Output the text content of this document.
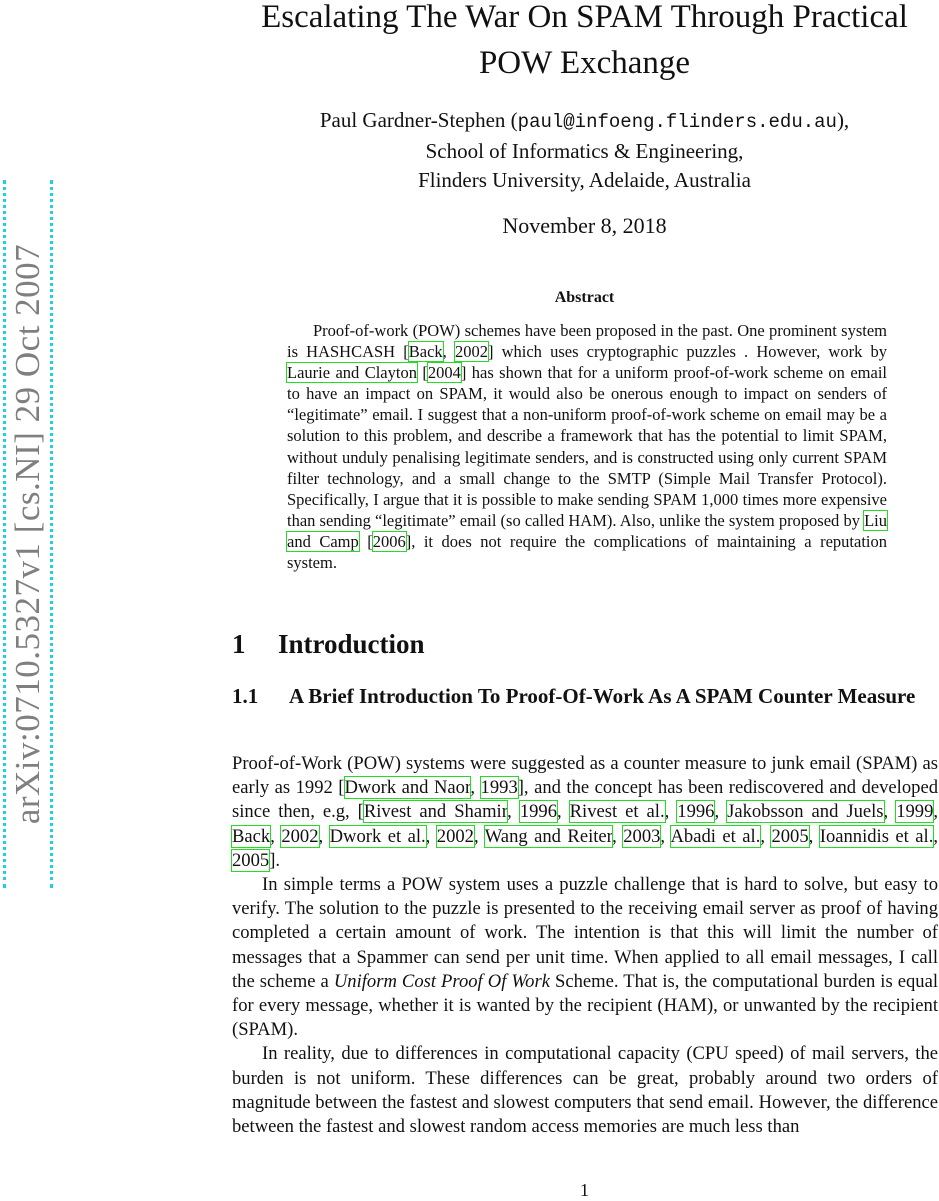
arXiv:0710.5327v1 [cs.NI] 29 Oct 2007
Escalating The War On SPAM Through Practical
POW Exchange
Paul Gardner-Stephen (paul@infoeng.flinders.edu.au),
School of Informatics & Engineering,
Flinders University, Adelaide, Australia
November 8, 2018
Abstract

Proof-of-work (POW) schemes have been proposed in the past. One prominent system is HASHCASH [Back, 2002] which uses cryptographic puzzles . However, work by Laurie and Clayton [2004] has shown that for a uniform proof-of-work scheme on email to have an impact on SPAM, it would also be onerous enough to impact on senders of “legitimate” email. I suggest that a non-uniform proof-of-work scheme on email may be a solution to this problem, and describe a framework that has the potential to limit SPAM, without unduly penalising legitimate senders, and is constructed using only current SPAM filter technology, and a small change to the SMTP (Simple Mail Transfer Protocol). Specifically, I argue that it is possible to make sending SPAM 1,000 times more expensive than sending “legitimate” email (so called HAM). Also, unlike the system proposed by Liu and Camp [2006], it does not require the complications of maintaining a reputation system.

1 Introduction
1.1	A Brief Introduction To Proof-Of-Work As A SPAM Counter Measure

Proof-of-Work (POW) systems were suggested as a counter measure to junk email (SPAM) as early as 1992 [Dwork and Naor, 1993], and the concept has been rediscovered and developed since then, e.g, [Rivest and Shamir, 1996, Rivest et al., 1996, Jakobsson and Juels, 1999, Back, 2002, Dwork et al., 2002, Wang and Reiter, 2003, Abadi et al., 2005, Ioannidis et al., 2005].

In simple terms a POW system uses a puzzle challenge that is hard to solve, but easy to verify. The solution to the puzzle is presented to the receiving email server as proof of having completed a certain amount of work. The intention is that this will limit the number of messages that a Spammer can send per unit time. When applied to all email messages, I call the scheme a Uniform Cost Proof Of Work Scheme. That is, the computational burden is equal for every message, whether it is wanted by the recipient (HAM), or unwanted by the recipient (SPAM).

In reality, due to differences in computational capacity (CPU speed) of mail servers, the burden is not uniform. These differences can be great, probably around two orders of magnitude between the fastest and slowest computers that send email. However, the difference between the fastest and slowest random access memories are much less than

1
